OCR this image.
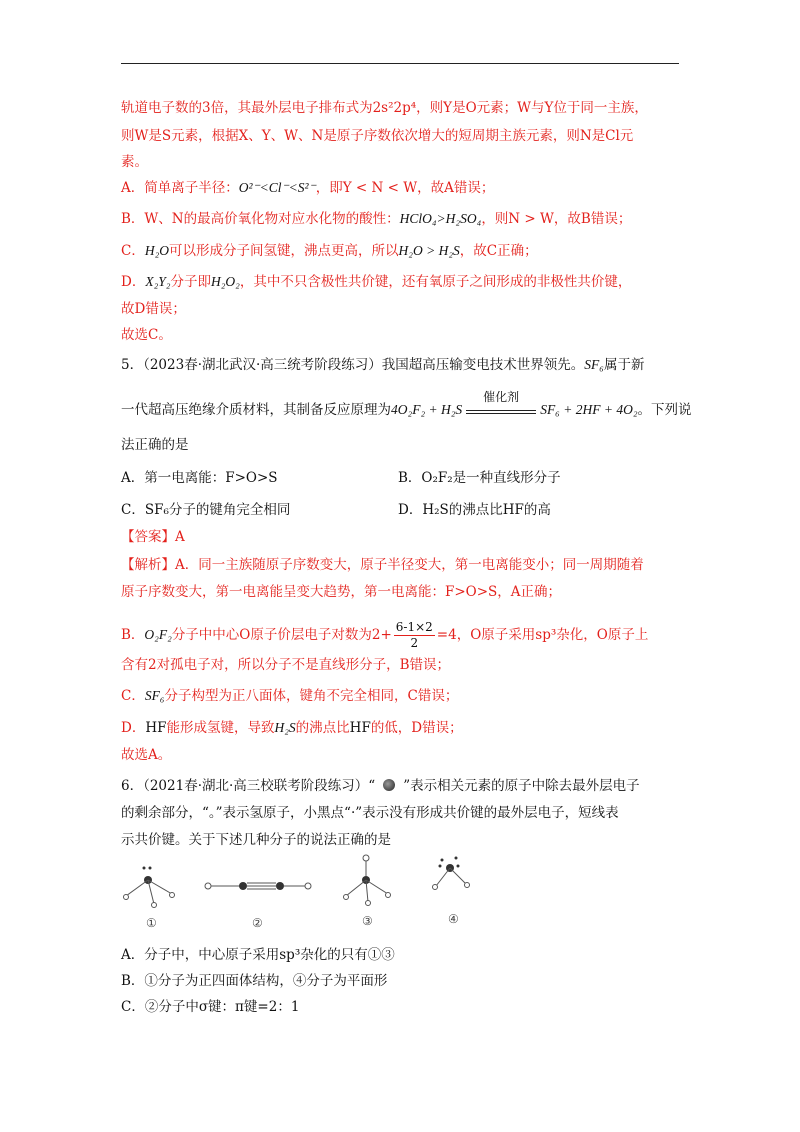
轨道电子数的3倍，其最外层电子排布式为2s²2p⁴，则Y是O元素；W与Y位于同一主族，
则W是S元素，根据X、Y、W、N是原子序数依次增大的短周期主族元素，则N是Cl元
素。
A．简单离子半径：O²⁻<Cl⁻<S²⁻，即Y < N < W，故A错误；
B．W、N的最高价氧化物对应水化物的酸性：HClO₄>H₂SO₄，则N > W，故B错误；
C．H₂O可以形成分子间氢键，沸点更高，所以H₂O > H₂S，故C正确；
D．X₂Y₂分子即H₂O₂，其中不只含极性共价键，还有氧原子之间形成的非极性共价键，
故D错误；
故选C。
5．（2023春·湖北武汉·高三统考阶段练习）我国超高压输变电技术世界领先。SF₆属于新
一代超高压绝缘介质材料，其制备反应原理为4O₂F₂ + H₂S
催化剂
SF₆ + 2HF + 4O₂。下列说
法正确的是
A．第一电离能：F>O>S	B．O₂F₂是一种直线形分子
C．SF₆分子的键角完全相同	D．H₂S的沸点比HF的高
【答案】A
【解析】A．同一主族随原子序数变大，原子半径变大，第一电离能变小；同一周期随着
原子序数变大，第一电离能呈变大趋势，第一电离能：F>O>S，A正确；
B．O₂F₂分子中中心O原子价层电子对数为$2+ \frac{6-1\times 2}{2} =4$，O原子采用sp³杂化，O原子上
含有2对孤电子对，所以分子不是直线形分子，B错误；
C．SF₆分子构型为正八面体，键角不完全相同，C错误；
D．HF能形成氢键，导致H₂S的沸点比HF的低，D错误；
故选A。
6．（2021春·湖北·高三校联考阶段练习）“ ”表示相关元素的原子中除去最外层电子
的剩余部分，“。”表示氢原子，小黑点“·”表示没有形成共价键的最外层电子，短线表
示共价键。关于下述几种分子的说法正确的是
①	②	③	④
A．分子中，中心原子采用sp³杂化的只有①③
B．①分子为正四面体结构，④分子为平面形
C．②分子中σ键：π键=2：1
